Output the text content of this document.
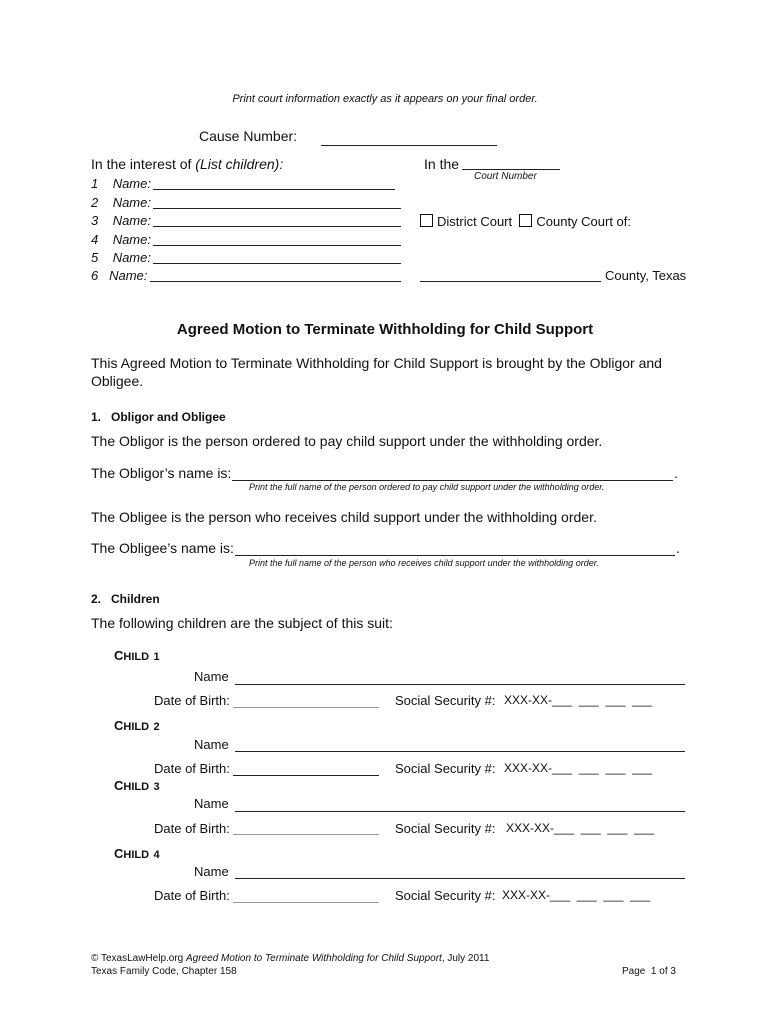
Print court information exactly as it appears on your final order.
Cause Number:
In the interest of (List children):
1 Name:
2 Name:
3 Name:
4 Name:
5 Name:
6 Name:
In the
Court Number
District Court County Court of:
County, Texas
Agreed Motion to Terminate Withholding for Child Support
This Agreed Motion to Terminate Withholding for Child Support is brought by the Obligor and Obligee.
1.   Obligor and Obligee
The Obligor is the person ordered to pay child support under the withholding order.
The Obligor’s name is:	.
Print the full name of the person ordered to pay child support under the withholding order.
The Obligee is the person who receives child support under the withholding order.
The Obligee’s name is:	.
Print the full name of the person who receives child support under the withholding order.
2.   Children
The following children are the subject of this suit:
CHILD 1
Name
Date of Birth:	Social Security #: XXX-XX-___  ___  ___  ___
CHILD 2
Name
Date of Birth:	Social Security #: XXX-XX-___  ___  ___  ___
CHILD 3
Name
Date of Birth:	Social Security #: XXX-XX-___  ___  ___  ___
CHILD 4
Name
Date of Birth:	Social Security #: XXX-XX-___  ___  ___  ___
© TexasLawHelp.org Agreed Motion to Terminate Withholding for Child Support, July 2011
Texas Family Code, Chapter 158	Page  1 of 3
